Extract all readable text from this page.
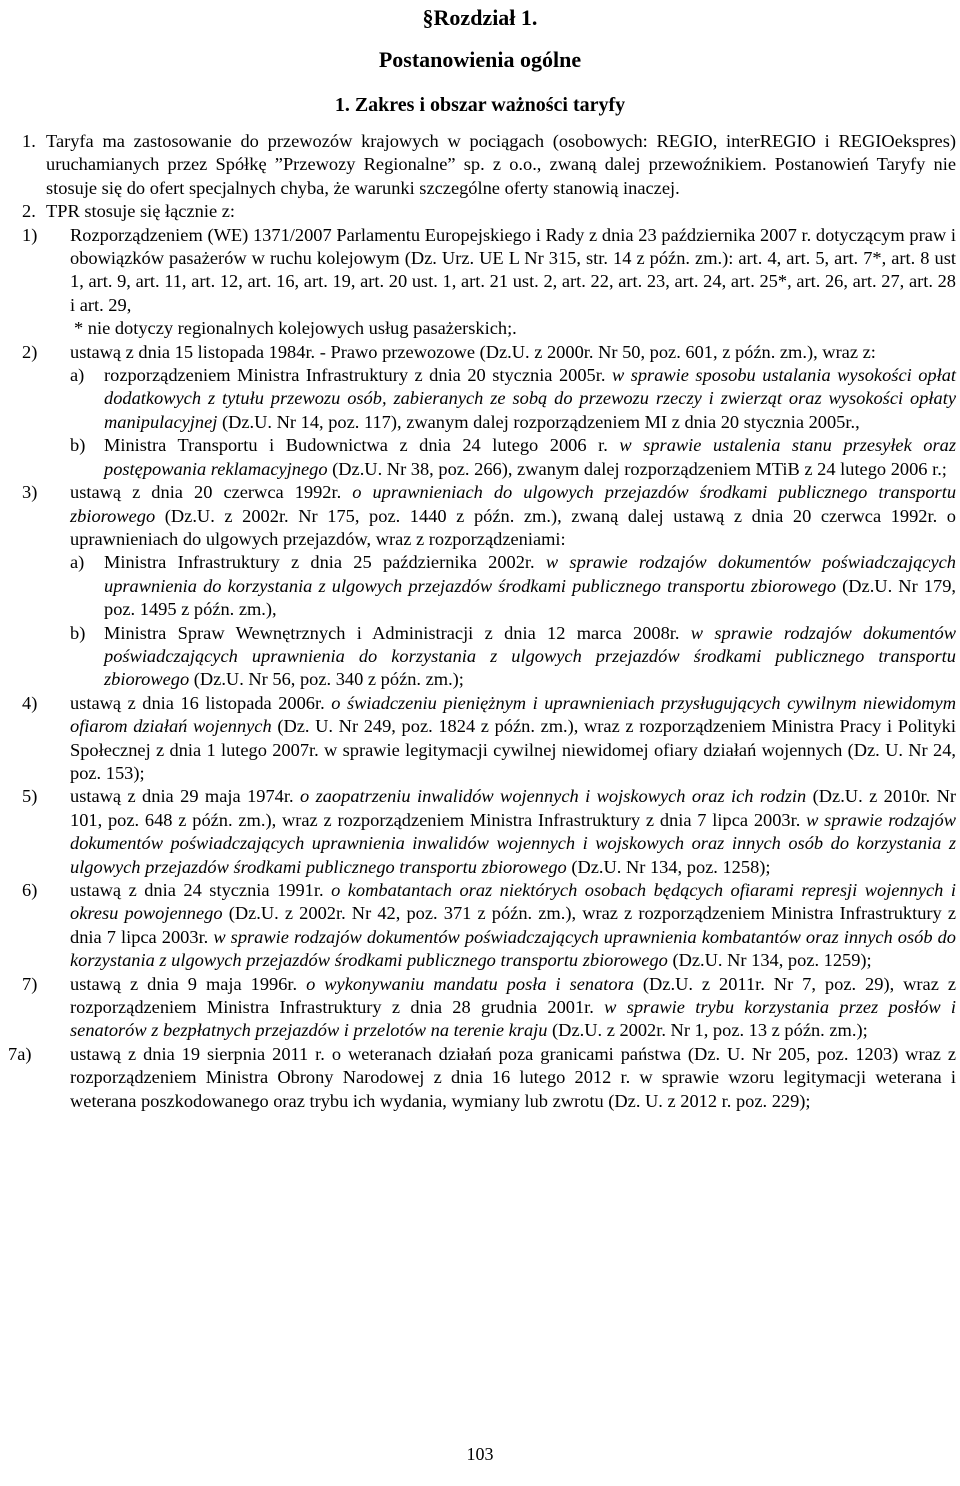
§Rozdział 1.
Postanowienia ogólne
1. Zakres i obszar ważności taryfy

1. Taryfa ma zastosowanie do przewozów krajowych w pociągach (osobowych: REGIO, interREGIO i REGIOekspres) uruchamianych przez Spółkę ”Przewozy Regionalne” sp. z o.o., zwaną dalej przewoźnikiem. Postanowień Taryfy nie stosuje się do ofert specjalnych chyba, że warunki szczególne oferty stanowią inaczej.

2. TPR stosuje się łącznie z:

1) Rozporządzeniem (WE) 1371/2007 Parlamentu Europejskiego i Rady z dnia 23 października 2007 r. dotyczącym praw i obowiązków pasażerów w ruchu kolejowym (Dz. Urz. UE L Nr 315, str. 14 z późn. zm.): art. 4, art. 5, art. 7*, art. 8 ust 1, art. 9, art. 11, art. 12, art. 16, art. 19, art. 20 ust. 1, art. 21 ust. 2, art. 22, art. 23, art. 24, art. 25*, art. 26, art. 27, art. 28 i art. 29,

* nie dotyczy regionalnych kolejowych usług pasażerskich;.

2) ustawą z dnia 15 listopada 1984r. - Prawo przewozowe (Dz.U. z 2000r. Nr 50, poz. 601, z późn. zm.), wraz z:

a) rozporządzeniem Ministra Infrastruktury z dnia 20 stycznia 2005r. w sprawie sposobu ustalania wysokości opłat dodatkowych z tytułu przewozu osób, zabieranych ze sobą do przewozu rzeczy i zwierząt oraz wysokości opłaty manipulacyjnej (Dz.U. Nr 14, poz. 117), zwanym dalej rozporządzeniem MI z dnia 20 stycznia 2005r.,

b) Ministra Transportu i Budownictwa z dnia 24 lutego 2006 r. w sprawie ustalenia stanu przesyłek oraz postępowania reklamacyjnego (Dz.U. Nr 38, poz. 266), zwanym dalej rozporządzeniem MTiB z 24 lutego 2006 r.;

3) ustawą z dnia 20 czerwca 1992r. o uprawnieniach do ulgowych przejazdów środkami publicznego transportu zbiorowego (Dz.U. z 2002r. Nr 175, poz. 1440 z późn. zm.), zwaną dalej ustawą z dnia 20 czerwca 1992r. o uprawnieniach do ulgowych przejazdów, wraz z rozporządzeniami:

a) Ministra Infrastruktury z dnia 25 października 2002r. w sprawie rodzajów dokumentów poświadczających uprawnienia do korzystania z ulgowych przejazdów środkami publicznego transportu zbiorowego (Dz.U. Nr 179, poz. 1495 z późn. zm.),

b) Ministra Spraw Wewnętrznych i Administracji z dnia 12 marca 2008r. w sprawie rodzajów dokumentów poświadczających uprawnienia do korzystania z ulgowych przejazdów środkami publicznego transportu zbiorowego (Dz.U. Nr 56, poz. 340 z późn. zm.);

4) ustawą z dnia 16 listopada 2006r. o świadczeniu pieniężnym i uprawnieniach przysługujących cywilnym niewidomym ofiarom działań wojennych (Dz. U. Nr 249, poz. 1824 z późn. zm.), wraz z rozporządzeniem Ministra Pracy i Polityki Społecznej z dnia 1 lutego 2007r. w sprawie legitymacji cywilnej niewidomej ofiary działań wojennych (Dz. U. Nr 24, poz. 153);

5) ustawą z dnia 29 maja 1974r. o zaopatrzeniu inwalidów wojennych i wojskowych oraz ich rodzin (Dz.U. z 2010r. Nr 101, poz. 648 z późn. zm.), wraz z rozporządzeniem Ministra Infrastruktury z dnia 7 lipca 2003r. w sprawie rodzajów dokumentów poświadczających uprawnienia inwalidów wojennych i wojskowych oraz innych osób do korzystania z ulgowych przejazdów środkami publicznego transportu zbiorowego (Dz.U. Nr 134, poz. 1258);

6) ustawą z dnia 24 stycznia 1991r. o kombatantach oraz niektórych osobach będących ofiarami represji wojennych i okresu powojennego (Dz.U. z 2002r. Nr 42, poz. 371 z późn. zm.), wraz z rozporządzeniem Ministra Infrastruktury z dnia 7 lipca 2003r. w sprawie rodzajów dokumentów poświadczających uprawnienia kombatantów oraz innych osób do korzystania z ulgowych przejazdów środkami publicznego transportu zbiorowego (Dz.U. Nr 134, poz. 1259);

7) ustawą z dnia 9 maja 1996r. o wykonywaniu mandatu posła i senatora (Dz.U. z 2011r. Nr 7, poz. 29), wraz z rozporządzeniem Ministra Infrastruktury z dnia 28 grudnia 2001r. w sprawie trybu korzystania przez posłów i senatorów z bezpłatnych przejazdów i przelotów na terenie kraju (Dz.U. z 2002r. Nr 1, poz. 13 z późn. zm.);

7a) ustawą z dnia 19 sierpnia 2011 r. o weteranach działań poza granicami państwa (Dz. U. Nr 205, poz. 1203) wraz z rozporządzeniem Ministra Obrony Narodowej z dnia 16 lutego 2012 r. w sprawie wzoru legitymacji weterana i weterana poszkodowanego oraz trybu ich wydania, wymiany lub zwrotu (Dz. U. z 2012 r. poz. 229);

103
